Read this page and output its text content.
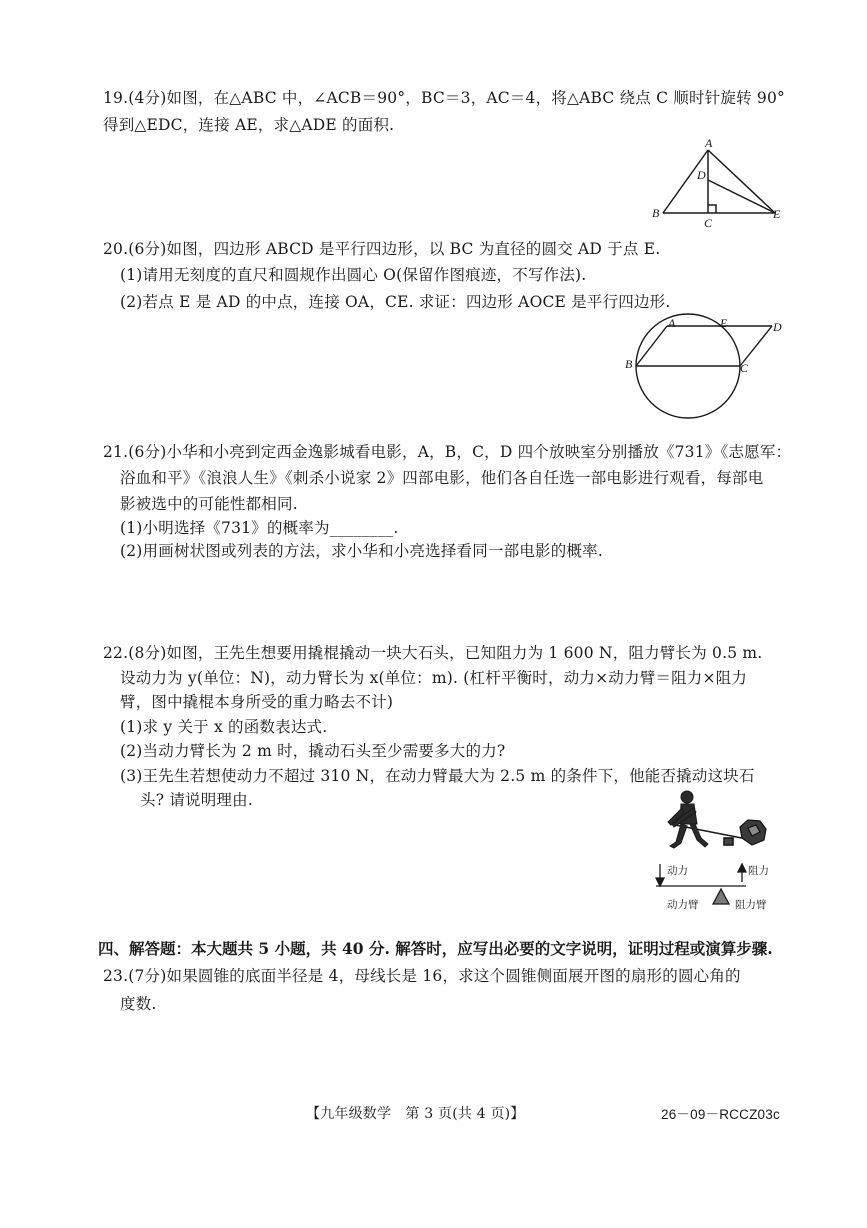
19.(4分)如图，在△ABC 中，∠ACB＝90°，BC＝3，AC＝4，将△ABC 绕点 C 顺时针旋转 90°
得到△EDC，连接 AE，求△ADE 的面积.
A
D
B
C
E
20.(6分)如图，四边形 ABCD 是平行四边形，以 BC 为直径的圆交 AD 于点 E.
(1)请用无刻度的直尺和圆规作出圆心 O(保留作图痕迹，不写作法).
(2)若点 E 是 AD 的中点，连接 OA，CE. 求证：四边形 AOCE 是平行四边形.
A	E	D
B	C
21.(6分)小华和小亮到定西金逸影城看电影，A，B，C，D 四个放映室分别播放《731》《志愿军：
浴血和平》《浪浪人生》《刺杀小说家 2》四部电影，他们各自任选一部电影进行观看，每部电
影被选中的可能性都相同.
(1)小明选择《731》的概率为________.
(2)用画树状图或列表的方法，求小华和小亮选择看同一部电影的概率.
22.(8分)如图，王先生想要用撬棍撬动一块大石头，已知阻力为 1 600 N，阻力臂长为 0.5 m.
设动力为 y(单位：N)，动力臂长为 x(单位：m). (杠杆平衡时，动力×动力臂＝阻力×阻力
臂，图中撬棍本身所受的重力略去不计)
(1)求 y 关于 x 的函数表达式.
(2)当动力臂长为 2 m 时，撬动石头至少需要多大的力?
(3)王先生若想使动力不超过 310 N，在动力臂最大为 2.5 m 的条件下，他能否撬动这块石
头? 请说明理由.
动力	阻力
动力臂	阻力臂
四、解答题：本大题共 5 小题，共 40 分. 解答时，应写出必要的文字说明，证明过程或演算步骤.
23.(7分)如果圆锥的底面半径是 4，母线长是 16，求这个圆锥侧面展开图的扇形的圆心角的
度数.
【九年级数学　第 3 页(共 4 页)】	26－09－RCCZ03c
